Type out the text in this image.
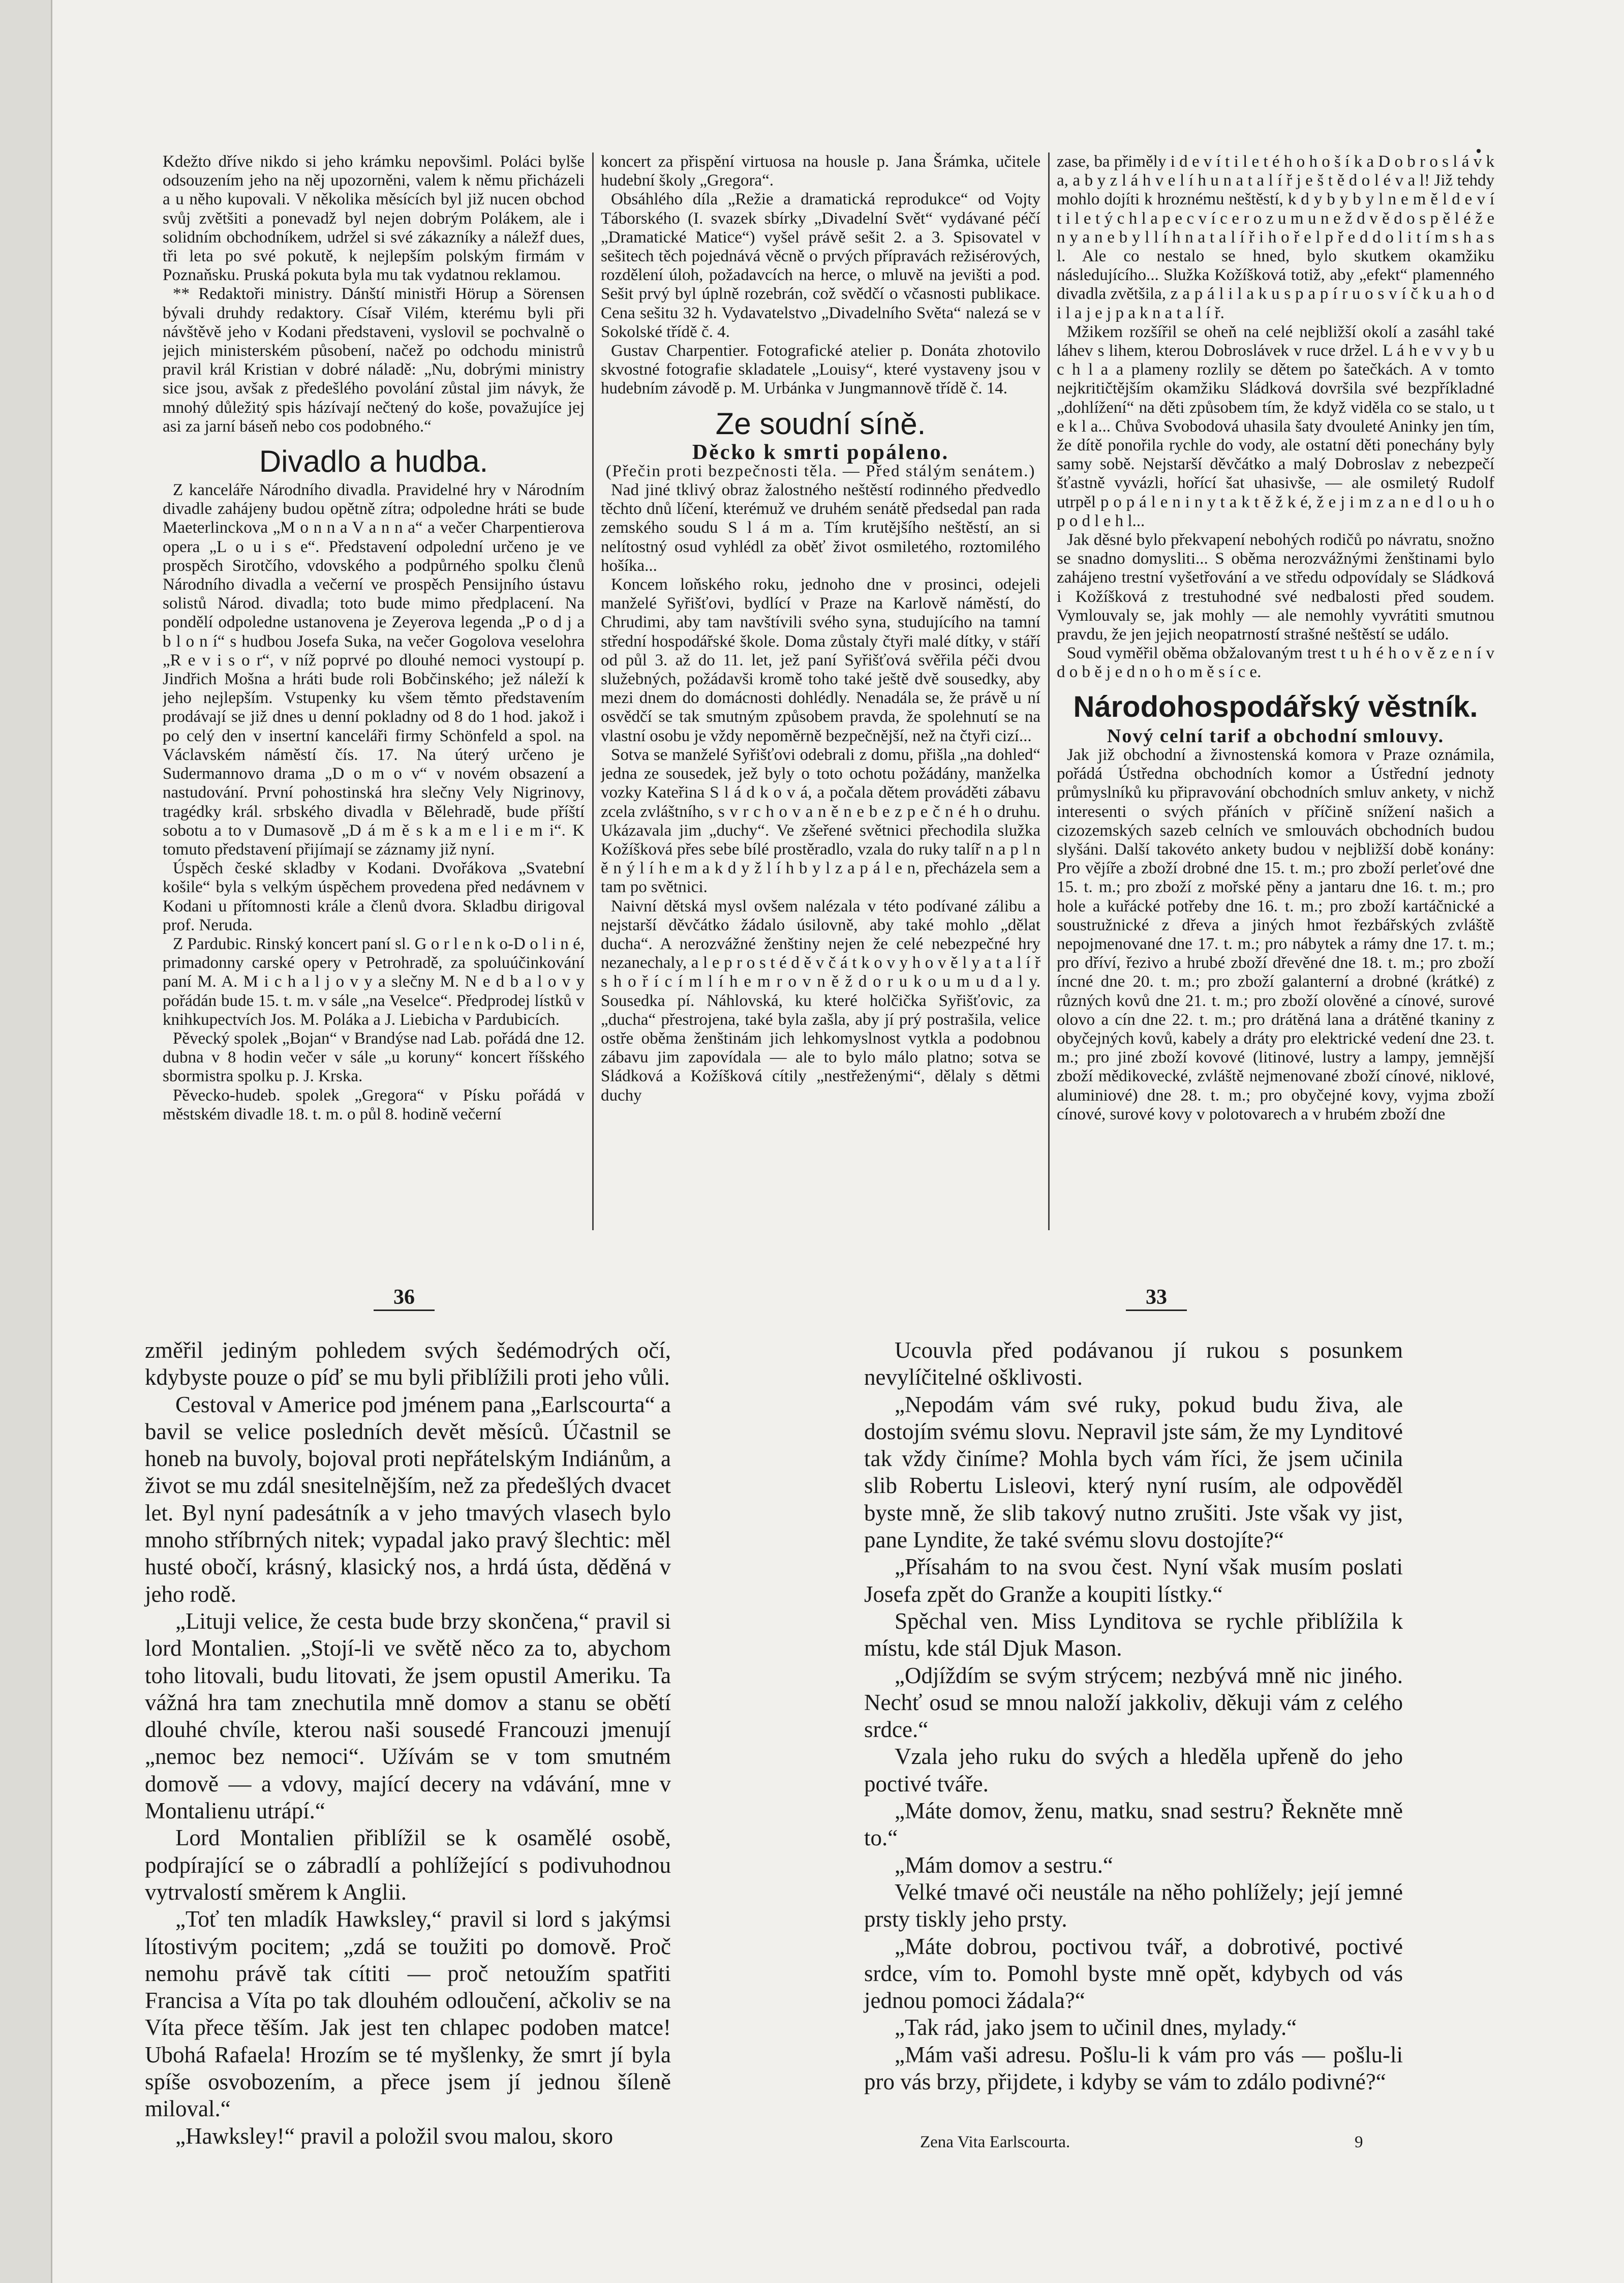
Kdežto dříve nikdo si jeho krámku nepovšiml. Poláci bylše odsouzením jeho na něj upozorněni, valem k němu přicházeli a u něho kupovali. V několika měsících byl již nucen obchod svůj zvětšiti a ponevadž byl nejen dobrým Polákem, ale i solidním obchodníkem, udržel si své zákazníky a náležf dues, tři leta po své pokutě, k nejlepším polským firmám v Poznaňsku. Pruská pokuta byla mu tak vydatnou reklamou.

** Redaktoři ministry. Dánští ministři Hörup a Sörensen bývali druhdy redaktory. Císař Vilém, kterému byli při návštěvě jeho v Kodani představeni, vyslovil se pochvalně o jejich ministerském působení, načež po odchodu ministrů pravil král Kristian v dobré náladě: „Nu, dobrými ministry sice jsou, avšak z předešlého povolání zůstal jim návyk, že mnohý důležitý spis házívají nečtený do koše, považujíce jej asi za jarní báseň nebo cos podobného.“

Divadlo a hudba.

Z kanceláře Národního divadla. Pravidelné hry v Národním divadle zahájeny budou opětně zítra; odpoledne hráti se bude Maeterlinckova „M o n n a V a n n a“ a večer Charpentierova opera „L o u i s e“. Představení odpolední určeno je ve prospěch Sirotčího, vdovského a podpůrného spolku členů Národního divadla a večerní ve prospěch Pensijního ústavu solistů Národ. divadla; toto bude mimo předplacení. Na pondělí odpoledne ustanovena je Zeyerova legenda „P o d j a b l o n í“ s hudbou Josefa Suka, na večer Gogolova veselohra „R e v i s o r“, v níž poprvé po dlouhé nemoci vystoupí p. Jindřich Mošna a hráti bude roli Bobčinského; jež náleží k jeho nejlepším. Vstupenky ku všem těmto představením prodávají se již dnes u denní pokladny od 8 do 1 hod. jakož i po celý den v insertní kanceláři firmy Schönfeld a spol. na Václavském náměstí čís. 17. Na úterý určeno je Sudermannovo drama „D o m o v“ v novém obsazení a nastudování. První pohostinská hra slečny Vely Nigrinovy, tragédky král. srbského divadla v Bělehradě, bude příští sobotu a to v Dumasově „D á m ě s k a m e l i e m i“. K tomuto představení přijímají se záznamy již nyní.

Úspěch české skladby v Kodani. Dvořákova „Svatební košile“ byla s velkým úspěchem provedena před nedávnem v Kodani u přítomnosti krále a členů dvora. Skladbu dirigoval prof. Neruda.

Z Pardubic. Rinský koncert paní sl. G o r l e n k o-D o l i n é, primadonny carské opery v Petrohradě, za spoluúčinkování paní M. A. M i c h a l j o v y a slečny M. N e d b a l o v y pořádán bude 15. t. m. v sále „na Veselce“. Předprodej lístků v knihkupectvích Jos. M. Poláka a J. Liebicha v Pardubicích.

Pěvecký spolek „Bojan“ v Brandýse nad Lab. pořádá dne 12. dubna v 8 hodin večer v sále „u koruny“ koncert říšského sbormistra spolku p. J. Krska.

Pěvecko-hudeb. spolek „Gregora“ v Písku pořádá v městském divadle 18. t. m. o půl 8. hodině večerní

koncert za přispění virtuosa na housle p. Jana Šrámka, učitele hudební školy „Gregora“.

Obsáhlého díla „Režie a dramatická reprodukce“ od Vojty Táborského (I. svazek sbírky „Divadelní Svět“ vydávané péčí „Dramatické Matice“) vyšel právě sešit 2. a 3. Spisovatel v sešitech těch pojednává věcně o prvých přípravách režisérových, rozdělení úloh, požadavcích na herce, o mluvě na jevišti a pod. Sešit prvý byl úplně rozebrán, což svědčí o včasnosti publikace. Cena sešitu 32 h. Vydavatelstvo „Divadelního Světa“ nalezá se v Sokolské třídě č. 4.

Gustav Charpentier. Fotografické atelier p. Donáta zhotovilo skvostné fotografie skladatele „Louisy“, které vystaveny jsou v hudebním závodě p. M. Urbánka v Jungmannově třídě č. 14.

Ze soudní síně.
Děcko k smrti popáleno.
(Přečin proti bezpečnosti těla. — Před stálým senátem.)

Nad jiné tklivý obraz žalostného neštěstí rodinného předvedlo těchto dnů líčení, kterémuž ve druhém senátě předsedal pan rada zemského soudu S l á m a. Tím krutějšího neštěstí, an si nelítostný osud vyhlédl za oběť život osmiletého, roztomilého hošíka...

Koncem loňského roku, jednoho dne v prosinci, odejeli manželé Syřišťovi, bydlící v Praze na Karlově náměstí, do Chrudimi, aby tam navštívili svého syna, studujícího na tamní střední hospodářské škole. Doma zůstaly čtyři malé dítky, v stáří od půl 3. až do 11. let, jež paní Syřišťová svěřila péči dvou služebných, požádavši kromě toho také ještě dvě sousedky, aby mezi dnem do domácnosti dohlédly. Nenadála se, že právě u ní osvědčí se tak smutným způsobem pravda, že spolehnutí se na vlastní osobu je vždy nepoměrně bezpečnější, než na čtyři cizí...

Sotva se manželé Syřišťovi odebrali z domu, přišla „na dohled“ jedna ze sousedek, jež byly o toto ochotu požádány, manželka vozky Kateřina S l á d k o v á, a počala dětem prováděti zábavu zcela zvláštního, s v r c h o v a n ě n e b e z p e č n é h o druhu. Ukázavala jim „duchy“. Ve zšeřené světnici přechodila služka Kožíšková přes sebe bílé prostěradlo, vzala do ruky talíř n a p l n ě n ý l í h e m a k d y ž l í h b y l z a p á l e n, přecházela sem a tam po světnici.

Naivní dětská mysl ovšem nalézala v této podívané zálibu a nejstarší děvčátko žádalo úsilovně, aby také mohlo „dělat ducha“. A nerozvážné ženštiny nejen že celé nebezpečné hry nezanechaly, a l e p r o s t é d ě v č á t k o v y h o v ě l y a t a l í ř s h o ř í c í m l í h e m r o v n ě ž d o r u k o u m u d a l y. Sousedka pí. Náhlovská, ku které holčička Syřišťovic, za „ducha“ přestrojena, také byla zašla, aby jí prý postrašila, velice ostře oběma ženštinám jich lehkomyslnost vytkla a podobnou zábavu jim zapovídala — ale to bylo málo platno; sotva se Sládková a Kožíšková cítily „nestřeženými“, dělaly s dětmi duchy

zase, ba přiměly i d e v í t i l e t é h o h o š í k a D o b r o s l á v k a, a b y z l á h v e l í h u n a t a l í ř j e š t ě d o l é v a l! Již tehdy mohlo dojíti k hroznému neštěstí, k d y b y b y l n e m ě l d e v í t i l e t ý c h l a p e c v í c e r o z u m u n e ž d v ě d o s p ě l é ž e n y a n e b y l l í h n a t a l í ř i h o ř e l p ř e d d o l i t í m s h a s l. Ale co nestalo se hned, bylo skutkem okamžiku následujícího... Služka Kožíšková totiž, aby „efekt“ plamenného divadla zvětšila, z a p á l i l a k u s p a p í r u o s v í č k u a h o d i l a j e j p a k n a t a l í ř.

Mžikem rozšířil se oheň na celé nejbližší okolí a zasáhl také láhev s lihem, kterou Dobroslávek v ruce držel. L á h e v v y b u c h l a a plameny rozlily se dětem po šatečkách. A v tomto nejkritičtějším okamžiku Sládková dovršila své bezpříkladné „dohlížení“ na děti způsobem tím, že když viděla co se stalo, u t e k l a... Chůva Svobodová uhasila šaty dvouleté Aninky jen tím, že dítě ponořila rychle do vody, ale ostatní děti ponechány byly samy sobě. Nejstarší děvčátko a malý Dobroslav z nebezpečí šťastně vyvázli, hořící šat uhasivše, — ale osmiletý Rudolf utrpěl p o p á l e n i n y t a k t ě ž k é, ž e j i m z a n e d l o u h o p o d l e h l...

Jak děsné bylo překvapení nebohých rodičů po návratu, snožno se snadno domysliti... S oběma nerozvážnými ženštinami bylo zahájeno trestní vyšetřování a ve středu odpovídaly se Sládková i Kožíšková z trestuhodné své nedbalosti před soudem. Vymlouvaly se, jak mohly — ale nemohly vyvrátiti smutnou pravdu, že jen jejich neopatrností strašné neštěstí se událo.

Soud vyměřil oběma obžalovaným trest t u h é h o v ě z e n í v d o b ě j e d n o h o m ě s í c e.

Národohospodářský věstník.
Nový celní tarif a obchodní smlouvy.

Jak již obchodní a živnostenská komora v Praze oznámila, pořádá Ústředna obchodních komor a Ústřední jednoty průmyslníků ku připravování obchodních smluv ankety, v nichž interesenti o svých přáních v příčině snížení našich a cizozemských sazeb celních ve smlouvách obchodních budou slyšáni. Další takovéto ankety budou v nejbližší době konány: Pro vějíře a zboží drobné dne 15. t. m.; pro zboží perleťové dne 15. t. m.; pro zboží z mořské pěny a jantaru dne 16. t. m.; pro hole a kuřácké potřeby dne 16. t. m.; pro zboží kartáčnické a soustružnické z dřeva a jiných hmot řezbářských zvláště nepojmenované dne 17. t. m.; pro nábytek a rámy dne 17. t. m.; pro dříví, řezivo a hrubé zboží dřevěné dne 18. t. m.; pro zboží íncné dne 20. t. m.; pro zboží galanterní a drobné (krátké) z různých kovů dne 21. t. m.; pro zboží olověné a cínové, surové olovo a cín dne 22. t. m.; pro drátěná lana a drátěné tkaniny z obyčejných kovů, kabely a dráty pro elektrické vedení dne 23. t. m.; pro jiné zboží kovové (litinové, lustry a lampy, jemnější zboží mědikovecké, zvláště nejmenované zboží cínové, niklové, aluminiové) dne 28. t. m.; pro obyčejné kovy, vyjma zboží cínové, surové kovy v polotovarech a v hrubém zboží dne

36	33

změřil jediným pohledem svých šedémodrých očí, kdybyste pouze o píď se mu byli přiblížili proti jeho vůli.

Cestoval v Americe pod jménem pana „Earlscourta“ a bavil se velice posledních devět měsíců. Účastnil se honeb na buvoly, bojoval proti nepřátelským Indiánům, a život se mu zdál snesitelnějším, než za předešlých dvacet let. Byl nyní padesátník a v jeho tmavých vlasech bylo mnoho stříbrných nitek; vypadal jako pravý šlechtic: měl husté obočí, krásný, klasický nos, a hrdá ústa, děděná v jeho rodě.

„Lituji velice, že cesta bude brzy skončena,“ pravil si lord Montalien. „Stojí-li ve světě něco za to, abychom toho litovali, budu litovati, že jsem opustil Ameriku. Ta vážná hra tam znechutila mně domov a stanu se obětí dlouhé chvíle, kterou naši sousedé Francouzi jmenují „nemoc bez nemoci“. Užívám se v tom smutném domově — a vdovy, mající decery na vdávání, mne v Montalienu utrápí.“

Lord Montalien přiblížil se k osamělé osobě, podpírající se o zábradlí a pohlížející s podivuhodnou vytrvalostí směrem k Anglii.

„Toť ten mladík Hawksley,“ pravil si lord s jakýmsi lítostivým pocitem; „zdá se toužiti po domově. Proč nemohu právě tak cítiti — proč netoužím spatřiti Francisa a Víta po tak dlouhém odloučení, ačkoliv se na Víta přece těším. Jak jest ten chlapec podoben matce! Ubohá Rafaela! Hrozím se té myšlenky, že smrt jí byla spíše osvobozením, a přece jsem jí jednou šíleně miloval.“

„Hawksley!“ pravil a položil svou malou, skoro

Ucouvla před podávanou jí rukou s posunkem nevylíčitelné ošklivosti.

„Nepodám vám své ruky, pokud budu živa, ale dostojím svému slovu. Nepravil jste sám, že my Lynditové tak vždy činíme? Mohla bych vám říci, že jsem učinila slib Robertu Lisleovi, který nyní rusím, ale odpověděl byste mně, že slib takový nutno zrušiti. Jste však vy jist, pane Lyndite, že také svému slovu dostojíte?“

„Přísahám to na svou čest. Nyní však musím poslati Josefa zpět do Granže a koupiti lístky.“

Spěchal ven. Miss Lynditova se rychle přiblížila k místu, kde stál Djuk Mason.

„Odjíždím se svým strýcem; nezbývá mně nic jiného. Nechť osud se mnou naloží jakkoliv, děkuji vám z celého srdce.“

Vzala jeho ruku do svých a hleděla upřeně do jeho poctivé tváře.

„Máte domov, ženu, matku, snad sestru? Řekněte mně to.“

„Mám domov a sestru.“

Velké tmavé oči neustále na něho pohlížely; její jemné prsty tiskly jeho prsty.

„Máte dobrou, poctivou tvář, a dobrotivé, poctivé srdce, vím to. Pomohl byste mně opět, kdybych od vás jednou pomoci žádala?“

„Tak rád, jako jsem to učinil dnes, mylady.“

„Mám vaši adresu. Pošlu-li k vám pro vás — pošlu-li pro vás brzy, přijdete, i kdyby se vám to zdálo podivné?“

Zena Vita Earlscourta.	9
